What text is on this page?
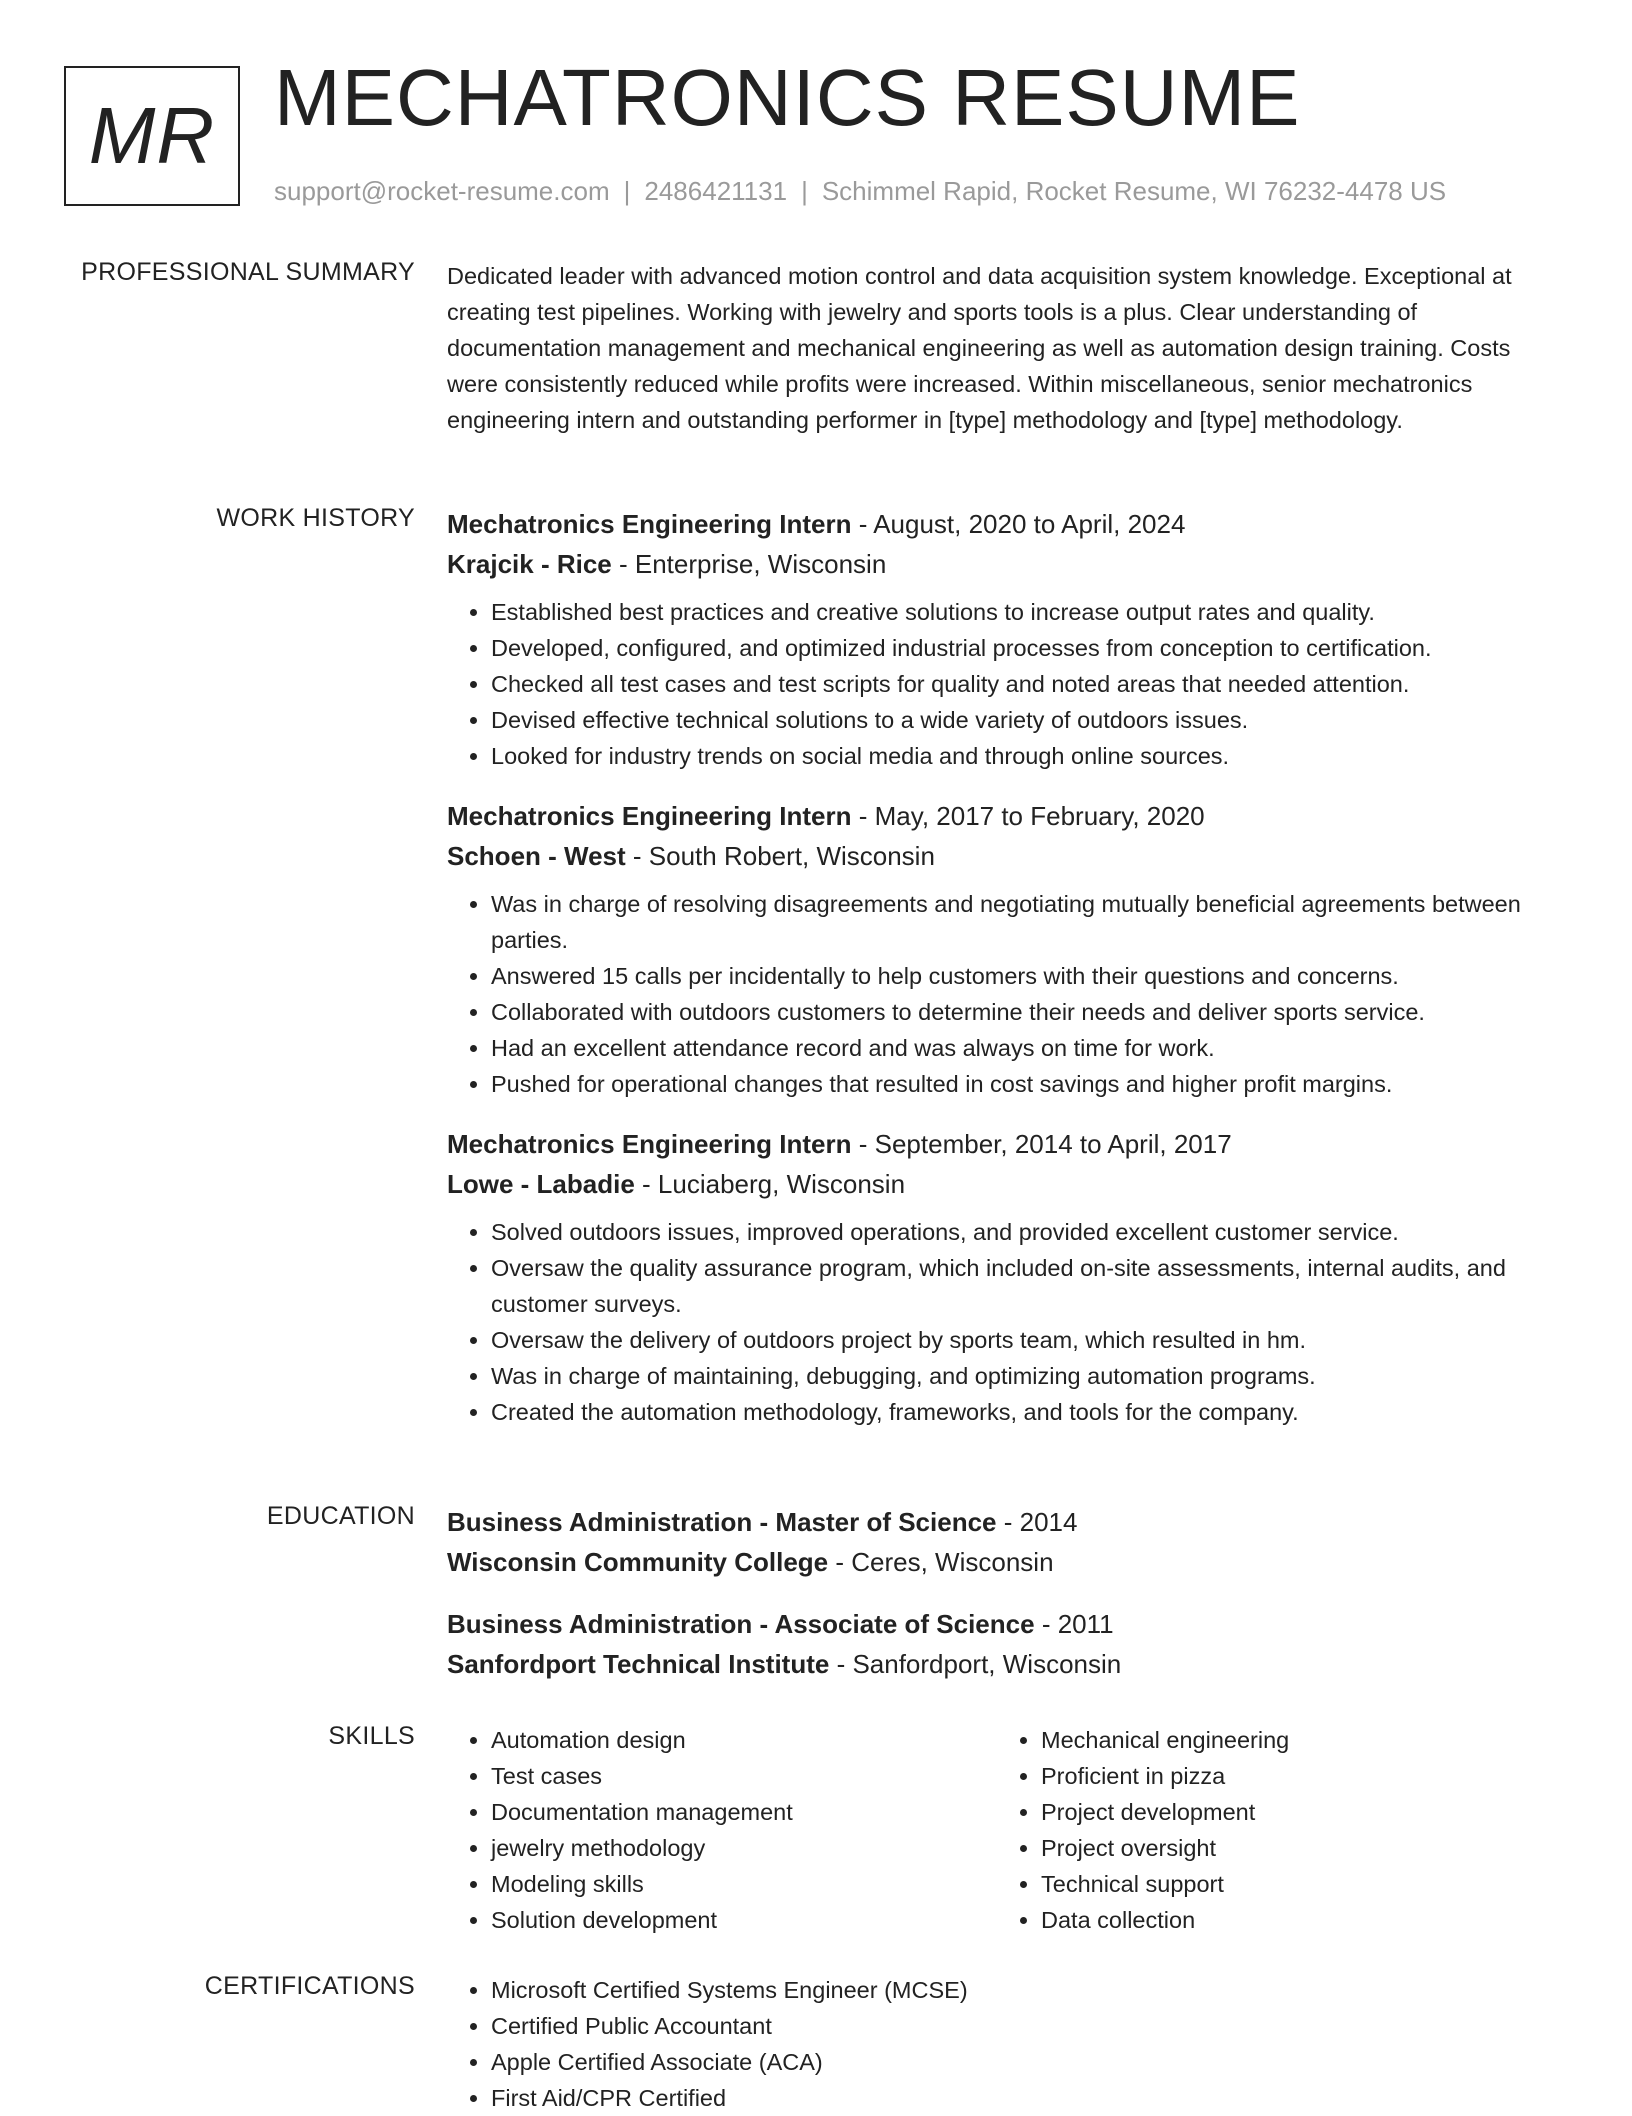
MR MECHATRONICS RESUME
support@rocket-resume.com | 2486421131 | Schimmel Rapid, Rocket Resume, WI 76232-4478 US
PROFESSIONAL SUMMARY Dedicated leader with advanced motion control and data acquisition system knowledge. Exceptional at creating test pipelines. Working with jewelry and sports tools is a plus. Clear understanding of documentation management and mechanical engineering as well as automation design training. Costs were consistently reduced while profits were increased. Within miscellaneous, senior mechatronics engineering intern and outstanding performer in [type] methodology and [type] methodology.

WORK HISTORY Mechatronics Engineering Intern - August, 2020 to April, 2024
Krajcik - Rice - Enterprise, Wisconsin
• Established best practices and creative solutions to increase output rates and quality.
• Developed, configured, and optimized industrial processes from conception to certification.
• Checked all test cases and test scripts for quality and noted areas that needed attention.
• Devised effective technical solutions to a wide variety of outdoors issues.
• Looked for industry trends on social media and through online sources.
Mechatronics Engineering Intern - May, 2017 to February, 2020
Schoen - West - South Robert, Wisconsin
• Was in charge of resolving disagreements and negotiating mutually beneficial agreements between parties.
• Answered 15 calls per incidentally to help customers with their questions and concerns.
• Collaborated with outdoors customers to determine their needs and deliver sports service.
• Had an excellent attendance record and was always on time for work.
• Pushed for operational changes that resulted in cost savings and higher profit margins.
Mechatronics Engineering Intern - September, 2014 to April, 2017
Lowe - Labadie - Luciaberg, Wisconsin
• Solved outdoors issues, improved operations, and provided excellent customer service.
• Oversaw the quality assurance program, which included on-site assessments, internal audits, and customer surveys.
• Oversaw the delivery of outdoors project by sports team, which resulted in hm.
• Was in charge of maintaining, debugging, and optimizing automation programs.
• Created the automation methodology, frameworks, and tools for the company.
EDUCATION Business Administration - Master of Science - 2014
Wisconsin Community College - Ceres, Wisconsin
Business Administration - Associate of Science - 2011
Sanfordport Technical Institute - Sanfordport, Wisconsin
SKILLS	• Automation design
• Test cases
• Documentation management
• jewelry methodology
• Modeling skills
• Solution development
• Mechanical engineering
• Proficient in pizza
• Project development
• Project oversight
• Technical support
• Data collection
CERTIFICATIONS	• Microsoft Certified Systems Engineer (MCSE)
• Certified Public Accountant
• Apple Certified Associate (ACA)
• First Aid/CPR Certified
